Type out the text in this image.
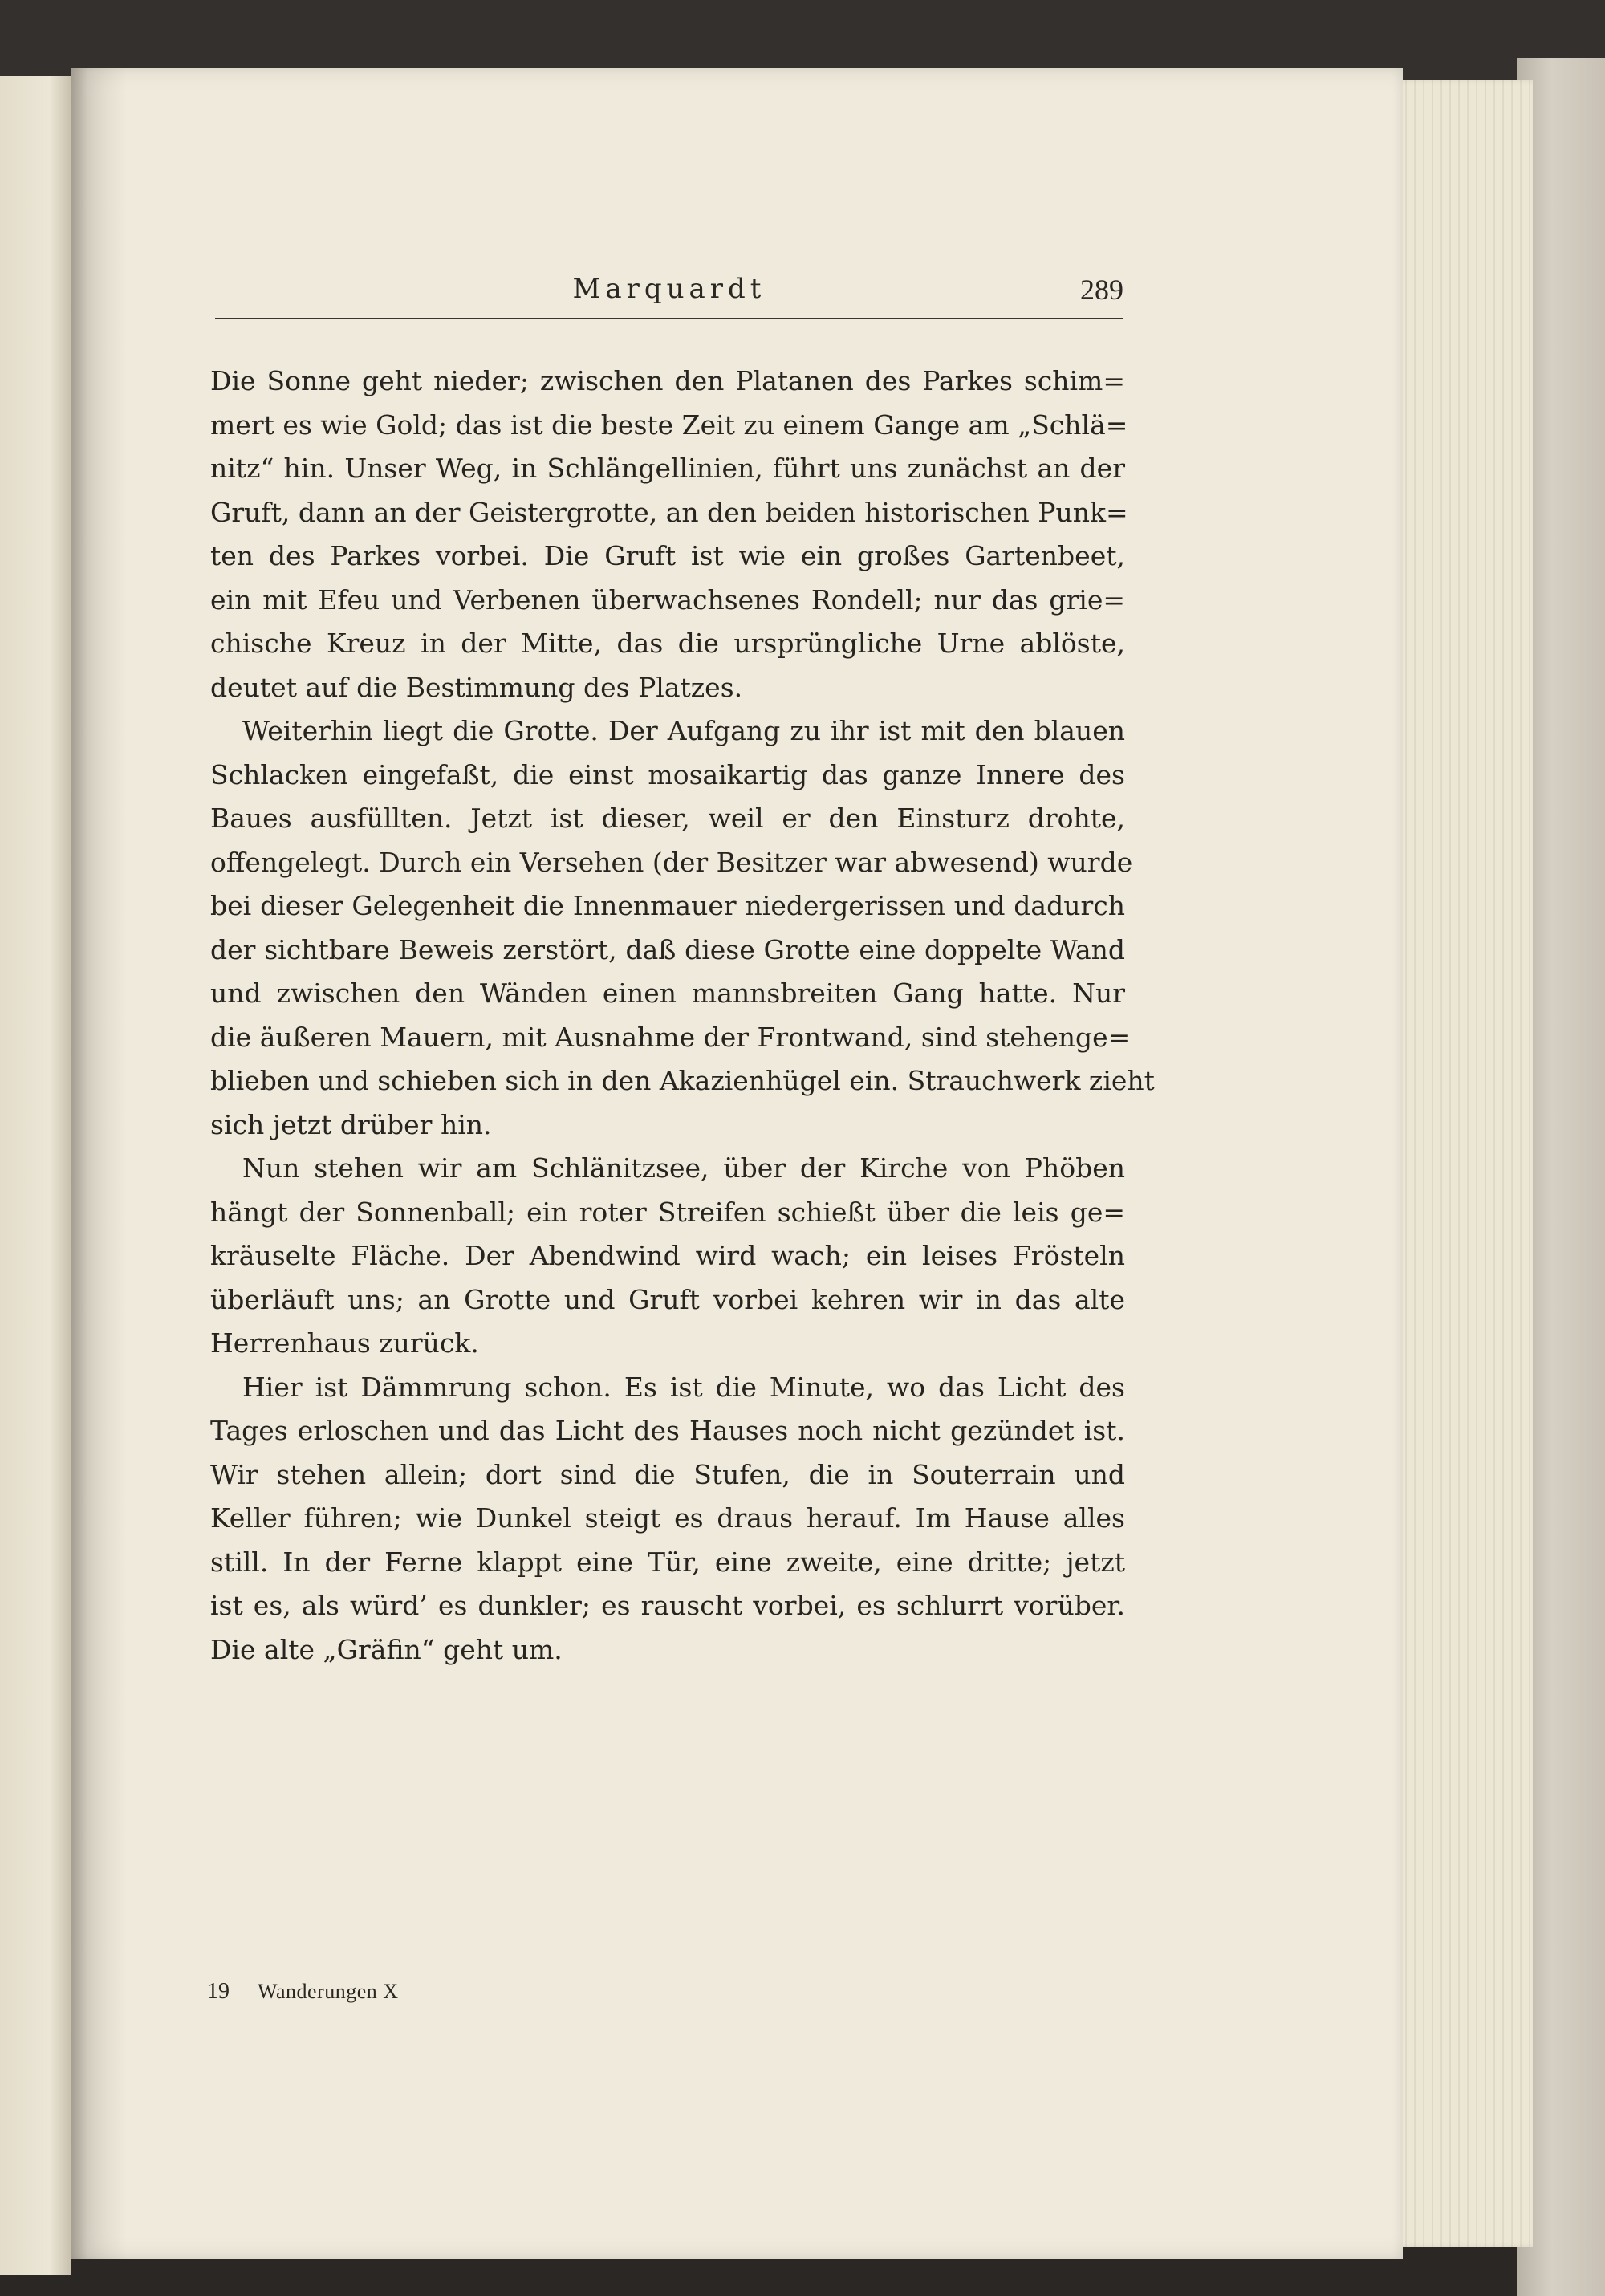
Marquardt	289

Die Sonne geht nieder; zwischen den Platanen des Parkes schim=
mert es wie Gold; das ist die beste Zeit zu einem Gange am „Schlä=
nitz“ hin. Unser Weg, in Schlängellinien, führt uns zunächst an der
Gruft, dann an der Geistergrotte, an den beiden historischen Punk=
ten des Parkes vorbei. Die Gruft ist wie ein großes Gartenbeet,
ein mit Efeu und Verbenen überwachsenes Rondell; nur das grie=
chische Kreuz in der Mitte, das die ursprüngliche Urne ablöste,
deutet auf die Bestimmung des Platzes.

Weiterhin liegt die Grotte. Der Aufgang zu ihr ist mit den blauen
Schlacken eingefaßt, die einst mosaikartig das ganze Innere des
Baues ausfüllten. Jetzt ist dieser, weil er den Einsturz drohte,
offengelegt. Durch ein Versehen (der Besitzer war abwesend) wurde
bei dieser Gelegenheit die Innenmauer niedergerissen und dadurch
der sichtbare Beweis zerstört, daß diese Grotte eine doppelte Wand
und zwischen den Wänden einen mannsbreiten Gang hatte. Nur
die äußeren Mauern, mit Ausnahme der Frontwand, sind stehenge=
blieben und schieben sich in den Akazienhügel ein. Strauchwerk zieht
sich jetzt drüber hin.

Nun stehen wir am Schlänitzsee, über der Kirche von Phöben
hängt der Sonnenball; ein roter Streifen schießt über die leis ge=
kräuselte Fläche. Der Abendwind wird wach; ein leises Frösteln
überläuft uns; an Grotte und Gruft vorbei kehren wir in das alte
Herrenhaus zurück.

Hier ist Dämmrung schon. Es ist die Minute, wo das Licht des
Tages erloschen und das Licht des Hauses noch nicht gezündet ist.
Wir stehen allein; dort sind die Stufen, die in Souterrain und
Keller führen; wie Dunkel steigt es draus herauf. Im Hause alles
still. In der Ferne klappt eine Tür, eine zweite, eine dritte; jetzt
ist es, als würd’ es dunkler; es rauscht vorbei, es schlurrt vorüber.
Die alte „Gräfin“ geht um.

19 Wanderungen X
